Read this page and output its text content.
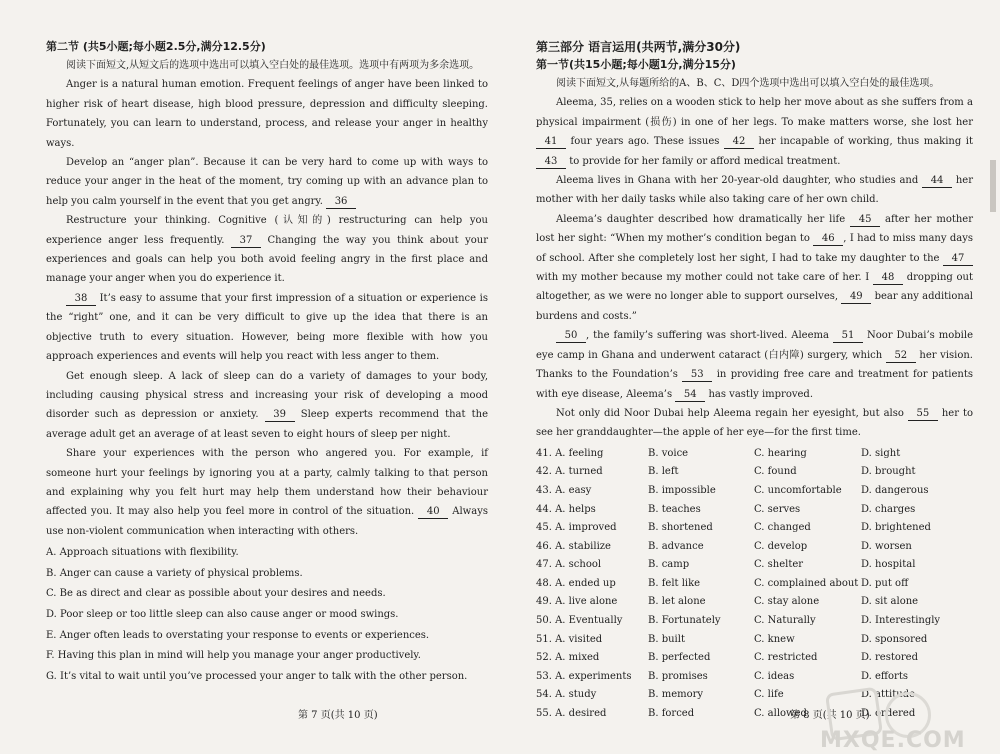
第二节 (共5小题;每小题2.5分,满分12.5分)

阅读下面短文,从短文后的选项中选出可以填入空白处的最佳选项。选项中有两项为多余选项。

Anger is a natural human emotion. Frequent feelings of anger have been linked to higher risk of heart disease, high blood pressure, depression and difficulty sleeping. Fortunately, you can learn to understand, process, and release your anger in healthy ways.

Develop an “anger plan”. Because it can be very hard to come up with ways to reduce your anger in the heat of the moment, try coming up with an advance plan to help you calm yourself in the event that you get angry. 36

Restructure your thinking. Cognitive (认知的) restructuring can help you experience anger less frequently. 37 Changing the way you think about your experiences and goals can help you both avoid feeling angry in the first place and manage your anger when you do experience it.

38 It’s easy to assume that your first impression of a situation or experience is the “right” one, and it can be very difficult to give up the idea that there is an objective truth to every situation. However, being more flexible with how you approach experiences and events will help you react with less anger to them.

Get enough sleep. A lack of sleep can do a variety of damages to your body, including causing physical stress and increasing your risk of developing a mood disorder such as depression or anxiety. 39 Sleep experts recommend that the average adult get an average of at least seven to eight hours of sleep per night.

Share your experiences with the person who angered you. For example, if someone hurt your feelings by ignoring you at a party, calmly talking to that person and explaining why you felt hurt may help them understand how their behaviour affected you. It may also help you feel more in control of the situation. 40 Always use non-violent communication when interacting with others.

A. Approach situations with flexibility.

B. Anger can cause a variety of physical problems.

C. Be as direct and clear as possible about your desires and needs.

D. Poor sleep or too little sleep can also cause anger or mood swings.

E. Anger often leads to overstating your response to events or experiences.

F. Having this plan in mind will help you manage your anger productively.

G. It’s vital to wait until you’ve processed your anger to talk with the other person.

第三部分 语言运用(共两节,满分30分)

第一节(共15小题;每小题1分,满分15分)

阅读下面短文,从每题所给的A、B、C、D四个选项中选出可以填入空白处的最佳选项。

Aleema, 35, relies on a wooden stick to help her move about as she suffers from a physical impairment (损伤) in one of her legs. To make matters worse, she lost her 41 four years ago. These issues 42 her incapable of working, thus making it 43 to provide for her family or afford medical treatment.

Aleema lives in Ghana with her 20-year-old daughter, who studies and 44 her mother with her daily tasks while also taking care of her own child.

Aleema’s daughter described how dramatically her life 45 after her mother lost her sight: “When my mother’s condition began to 46 , I had to miss many days of school. After she completely lost her sight, I had to take my daughter to the 47 with my mother because my mother could not take care of her. I 48 dropping out altogether, as we were no longer able to support ourselves, 49 bear any additional burdens and costs.”

50 , the family’s suffering was short-lived. Aleema 51 Noor Dubai’s mobile eye camp in Ghana and underwent cataract (白内障) surgery, which 52 her vision. Thanks to the Foundation’s 53 in providing free care and treatment for patients with eye disease, Aleema’s 54 has vastly improved.

Not only did Noor Dubai help Aleema regain her eyesight, but also 55 her to see her granddaughter—the apple of her eye—for the first time.

41. A. feeling	B. voice	C. hearing	D. sight
42. A. turned	B. left	C. found	D. brought
43. A. easy	B. impossible	C. uncomfortable	D. dangerous
44. A. helps	B. teaches	C. serves	D. charges
45. A. improved	B. shortened	C. changed	D. brightened
46. A. stabilize	B. advance	C. develop	D. worsen
47. A. school	B. camp	C. shelter	D. hospital
48. A. ended up	B. felt like	C. complained about D. put off
49. A. live alone	B. let alone	C. stay alone	D. sit alone
50. A. Eventually	B. Fortunately	C. Naturally	D. Interestingly
51. A. visited	B. built	C. knew	D. sponsored
52. A. mixed	B. perfected	C. restricted	D. restored
53. A. experiments	B. promises	C. ideas	D. efforts
54. A. study	B. memory	C. life	D. attitude
55. A. desired	B. forced	C. allowed	D. ordered
第 7 页(共 10 页)	第 8 页(共 10 页)
MXQE.COM
